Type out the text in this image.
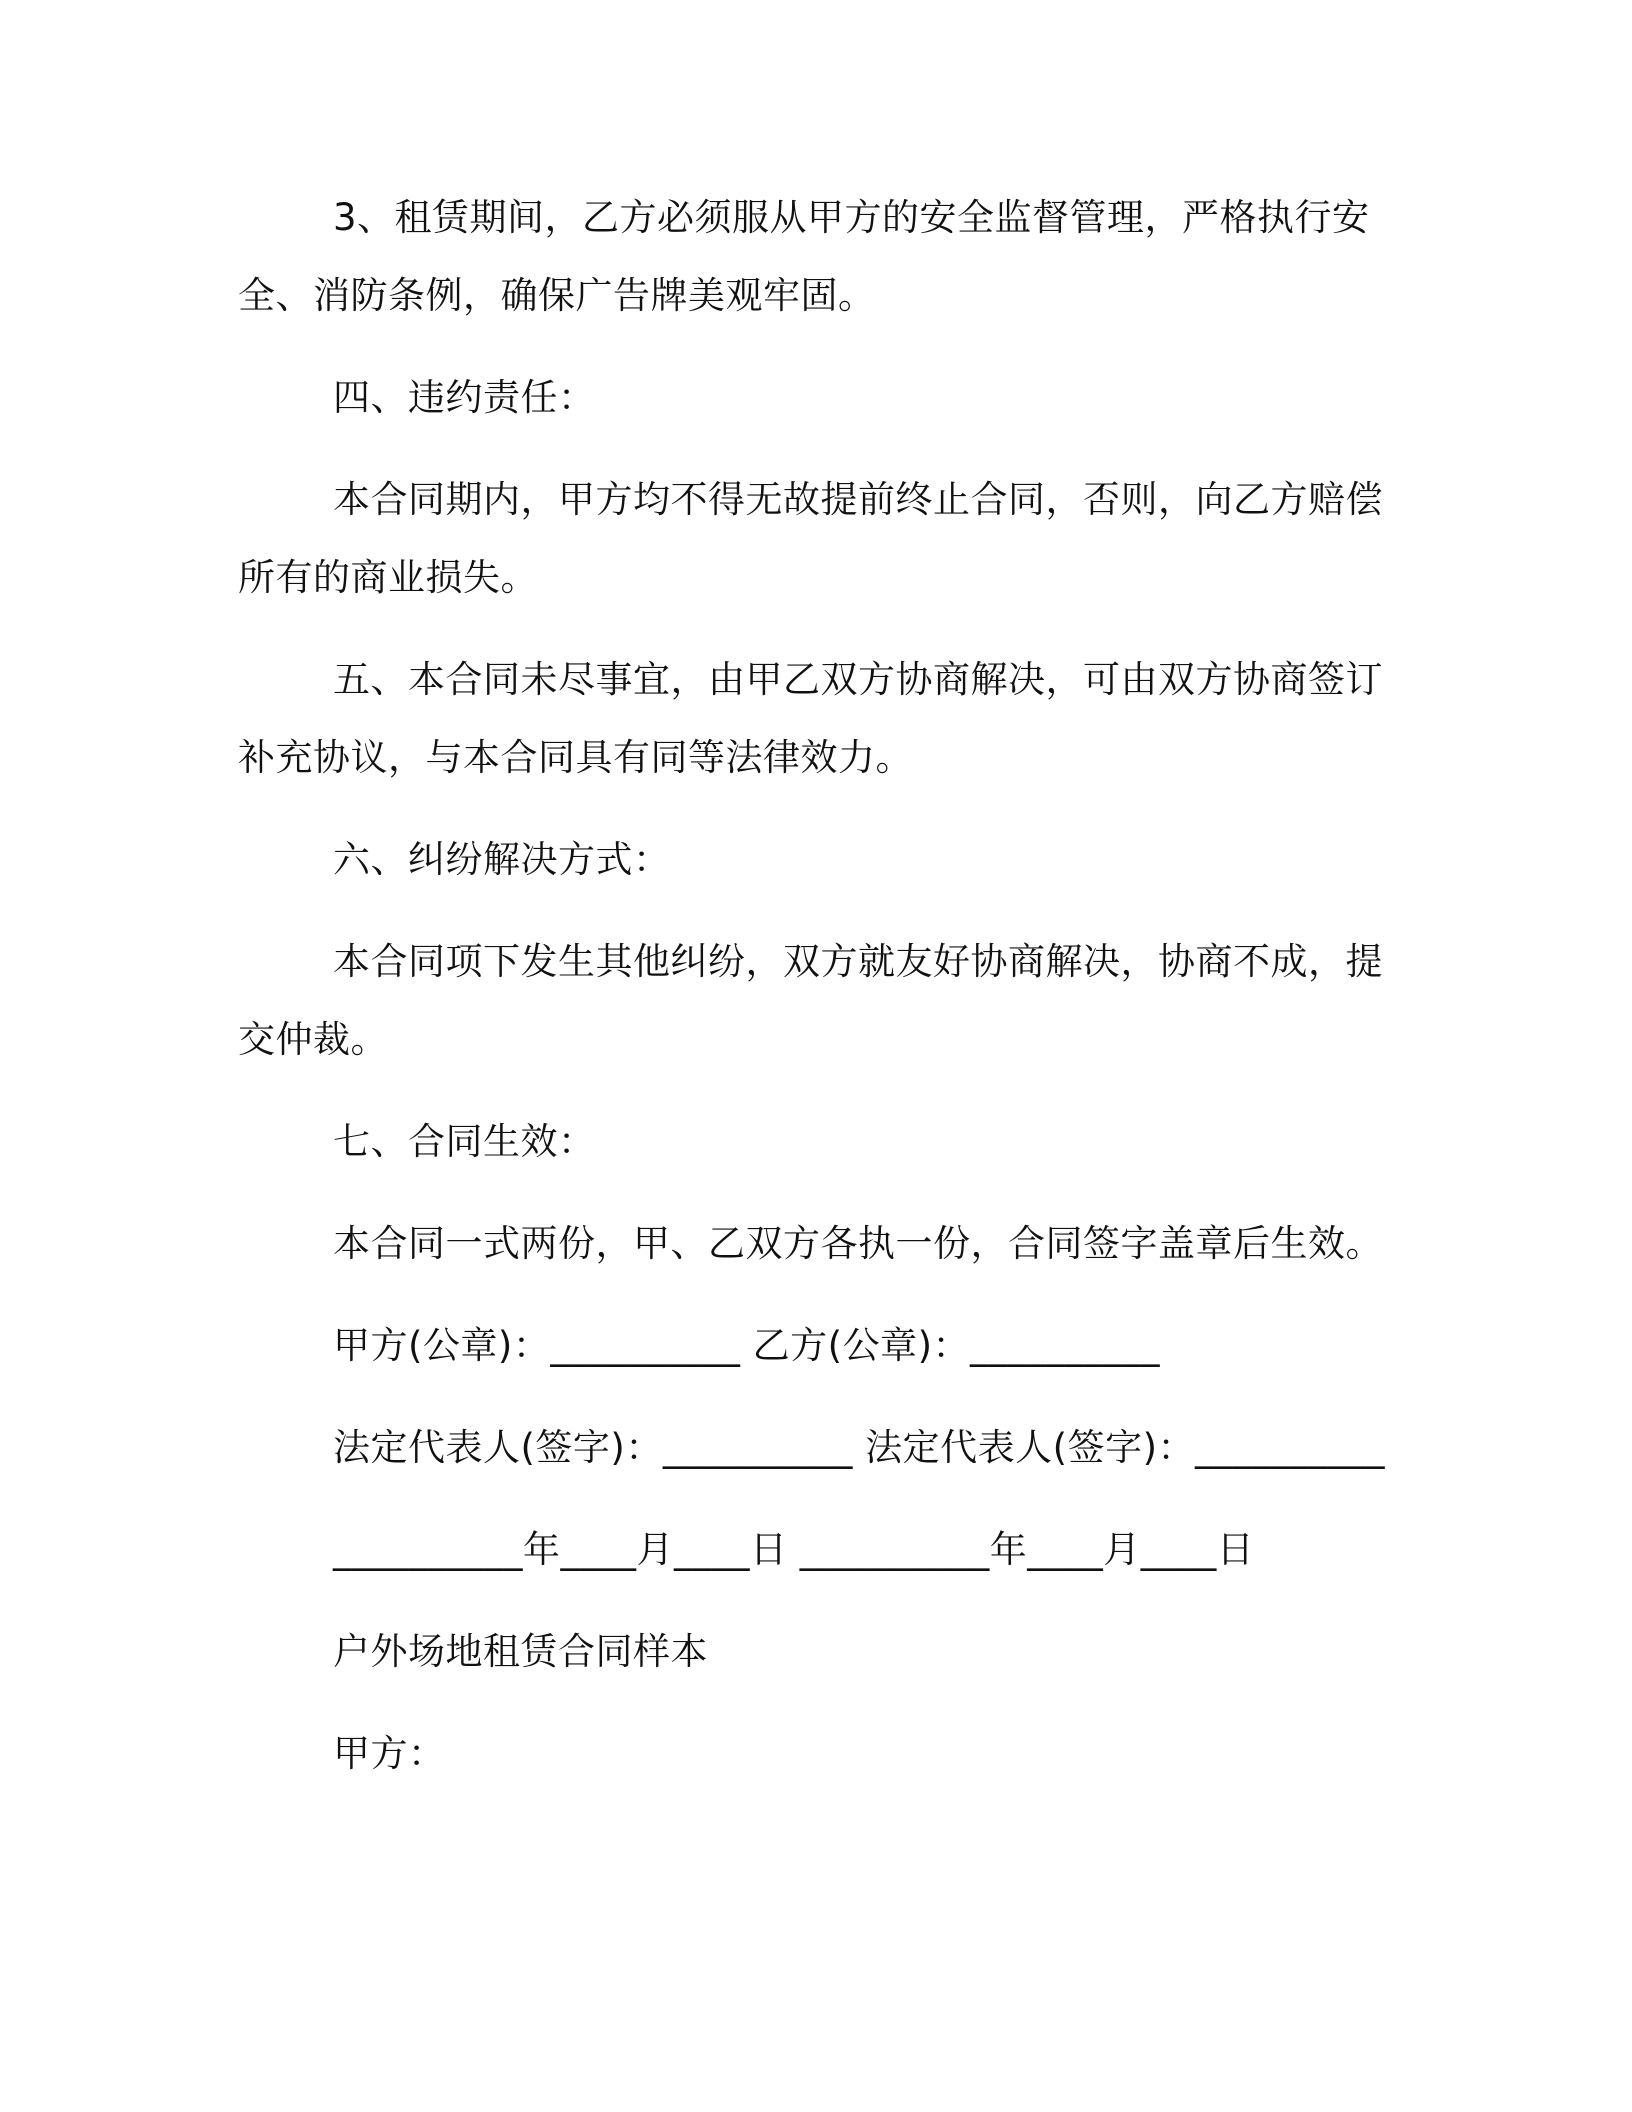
3、租赁期间，乙方必须服从甲方的安全监督管理，严格执行安
全、消防条例，确保广告牌美观牢固。
四、违约责任：
本合同期内，甲方均不得无故提前终止合同，否则，向乙方赔偿
所有的商业损失。
五、本合同未尽事宜，由甲乙双方协商解决，可由双方协商签订
补充协议，与本合同具有同等法律效力。
六、纠纷解决方式：
本合同项下发生其他纠纷，双方就友好协商解决，协商不成，提
交仲裁。
七、合同生效：
本合同一式两份，甲、乙双方各执一份，合同签字盖章后生效。
甲方(公章)：__________ 乙方(公章)：__________
法定代表人(签字)：__________ 法定代表人(签字)：__________
__________年____月____日 __________年____月____日
户外场地租赁合同样本
甲方：
